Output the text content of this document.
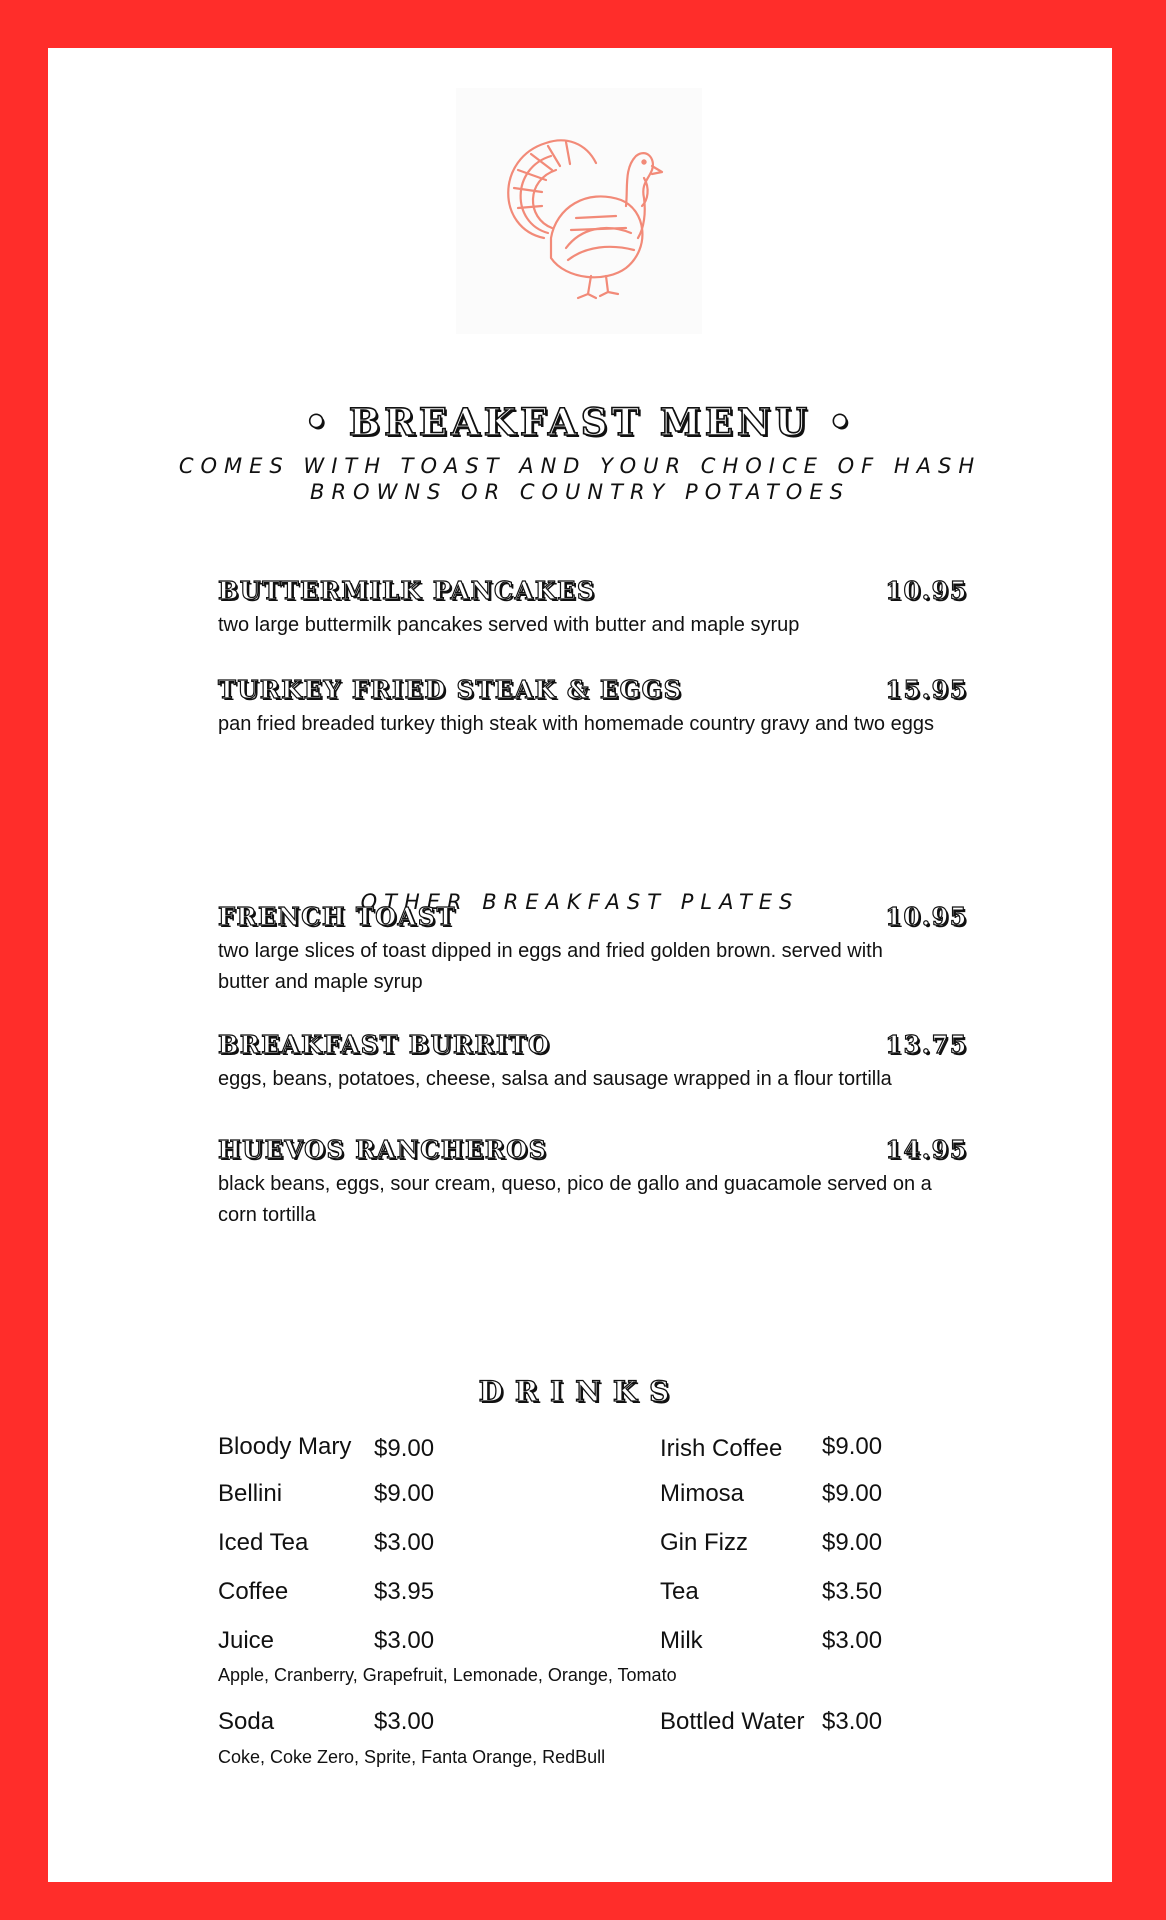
• BREAKFAST MENU •
COMES WITH TOAST AND YOUR CHOICE OF HASH BROWNS OR COUNTRY POTATOES
BUTTERMILK PANCAKES	10.95
two large buttermilk pancakes served with butter and maple syrup
TURKEY FRIED STEAK & EGGS	15.95
pan fried breaded turkey thigh steak with homemade country gravy and two eggs
OTHER BREAKFAST PLATES
FRENCH TOAST	10.95
two large slices of toast dipped in eggs and fried golden brown. served with butter and maple syrup
BREAKFAST BURRITO	13.75
eggs, beans, potatoes, cheese, salsa and sausage wrapped in a flour tortilla
HUEVOS RANCHEROS	14.95
black beans, eggs, sour cream, queso, pico de gallo and guacamole served on a corn tortilla
DRINKS
Bloody Mary $9.00
Bellini	$9.00
Iced Tea	$3.00
Coffee	$3.95
Juice	$3.00
Apple, Cranberry, Grapefruit, Lemonade, Orange, Tomato
Soda	$3.00
Coke, Coke Zero, Sprite, Fanta Orange, RedBull
Irish Coffee $9.00
Mimosa	$9.00
Gin Fizz	$9.00
Tea	$3.50
Milk	$3.00
Bottled Water $3.00
